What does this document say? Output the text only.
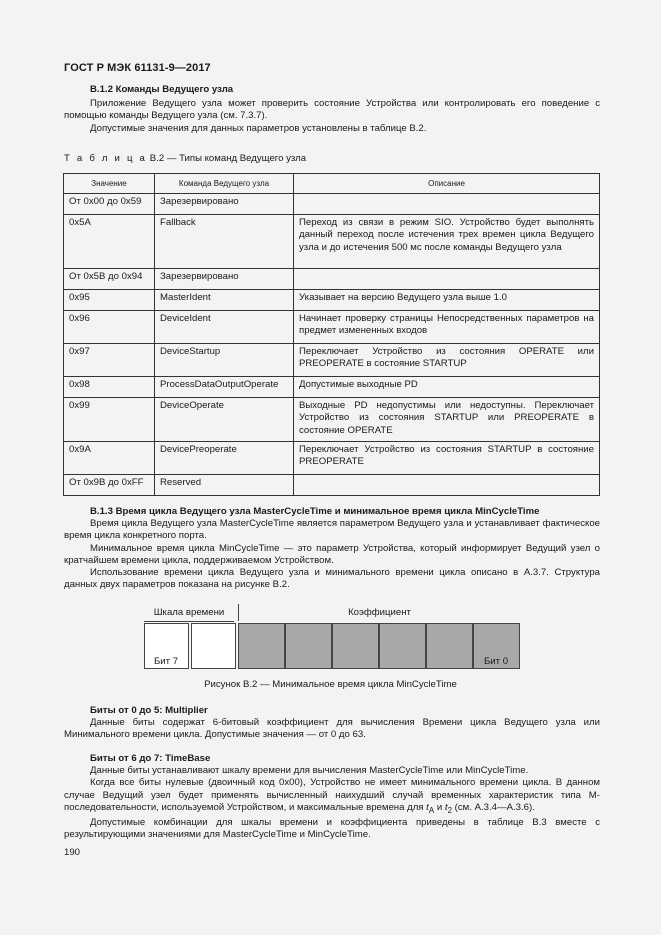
ГОСТ Р МЭК 61131-9—2017

B.1.2 Команды Ведущего узла

Приложение Ведущего узла может проверить состояние Устройства или контролировать его поведение с помощью команды Ведущего узла (см. 7.3.7).

Допустимые значения для данных параметров установлены в таблице B.2.

Т а б л и ц а B.2 — Типы команд Ведущего узла
Значение	Команда Ведущего узла	Описание
От 0x00 до 0x59	Зарезервировано	
0x5A	Fallback	Переход из связи в режим SIO. Устройство будет выполнять данный переход после истечения трех времен цикла Ведущего узла и до истечения 500 мс после команды Ведущего узла
От 0x5B до 0x94	Зарезервировано	
0x95	MasterIdent	Указывает на версию Ведущего узла выше 1.0
0x96	DeviceIdent	Начинает проверку страницы Непосредственных параметров на предмет измененных входов
0x97	DeviceStartup	Переключает Устройство из состояния OPERATE или PREOPERATE в состояние STARTUP
0x98	ProcessDataOutputOperate	Допустимые выходные PD
0x99	DeviceOperate	Выходные PD недопустимы или недоступны. Переключает Устройство из состояния STARTUP или PREOPERATE в состояние OPERATE
0x9A	DevicePreoperate	Переключает Устройство из состояния STARTUP в состояние PREOPERATE
От 0x9B до 0xFF	Reserved	

B.1.3 Время цикла Ведущего узла MasterCycleTime и минимальное время цикла MinCycleTime

Время цикла Ведущего узла MasterCycleTime является параметром Ведущего узла и устанавливает фактическое время цикла конкретного порта.

Минимальное время цикла MinCycleTime — это параметр Устройства, который информирует Ведущий узел о кратчайшем времени цикла, поддерживаемом Устройством.

Использование времени цикла Ведущего узла и минимального времени цикла описано в A.3.7. Структура данных двух параметров показана на рисунке B.2.

Шкала времени	Коэффициент
Бит 7	Бит 0
Рисунок B.2 — Минимальное время цикла MinCycleTime

Биты от 0 до 5: Multiplier

Данные биты содержат 6-битовый коэффициент для вычисления Времени цикла Ведущего узла или Минимального времени цикла. Допустимые значения — от 0 до 63.

Биты от 6 до 7: TimeBase

Данные биты устанавливают шкалу времени для вычисления MasterCycleTime или MinCycleTime.

Когда все биты нулевые (двоичный код 0x00), Устройство не имеет минимального времени цикла. В данном случае Ведущий узел будет применять вычисленный наихудший случай временных характеристик типа M-последовательности, используемой Устройством, и максимальные времена для $t_A$ и $t_2$ (см. A.3.4—A.3.6).

Допустимые комбинации для шкалы времени и коэффициента приведены в таблице B.3 вместе с результирующими значениями для MasterCycleTime и MinCycleTime.

190
